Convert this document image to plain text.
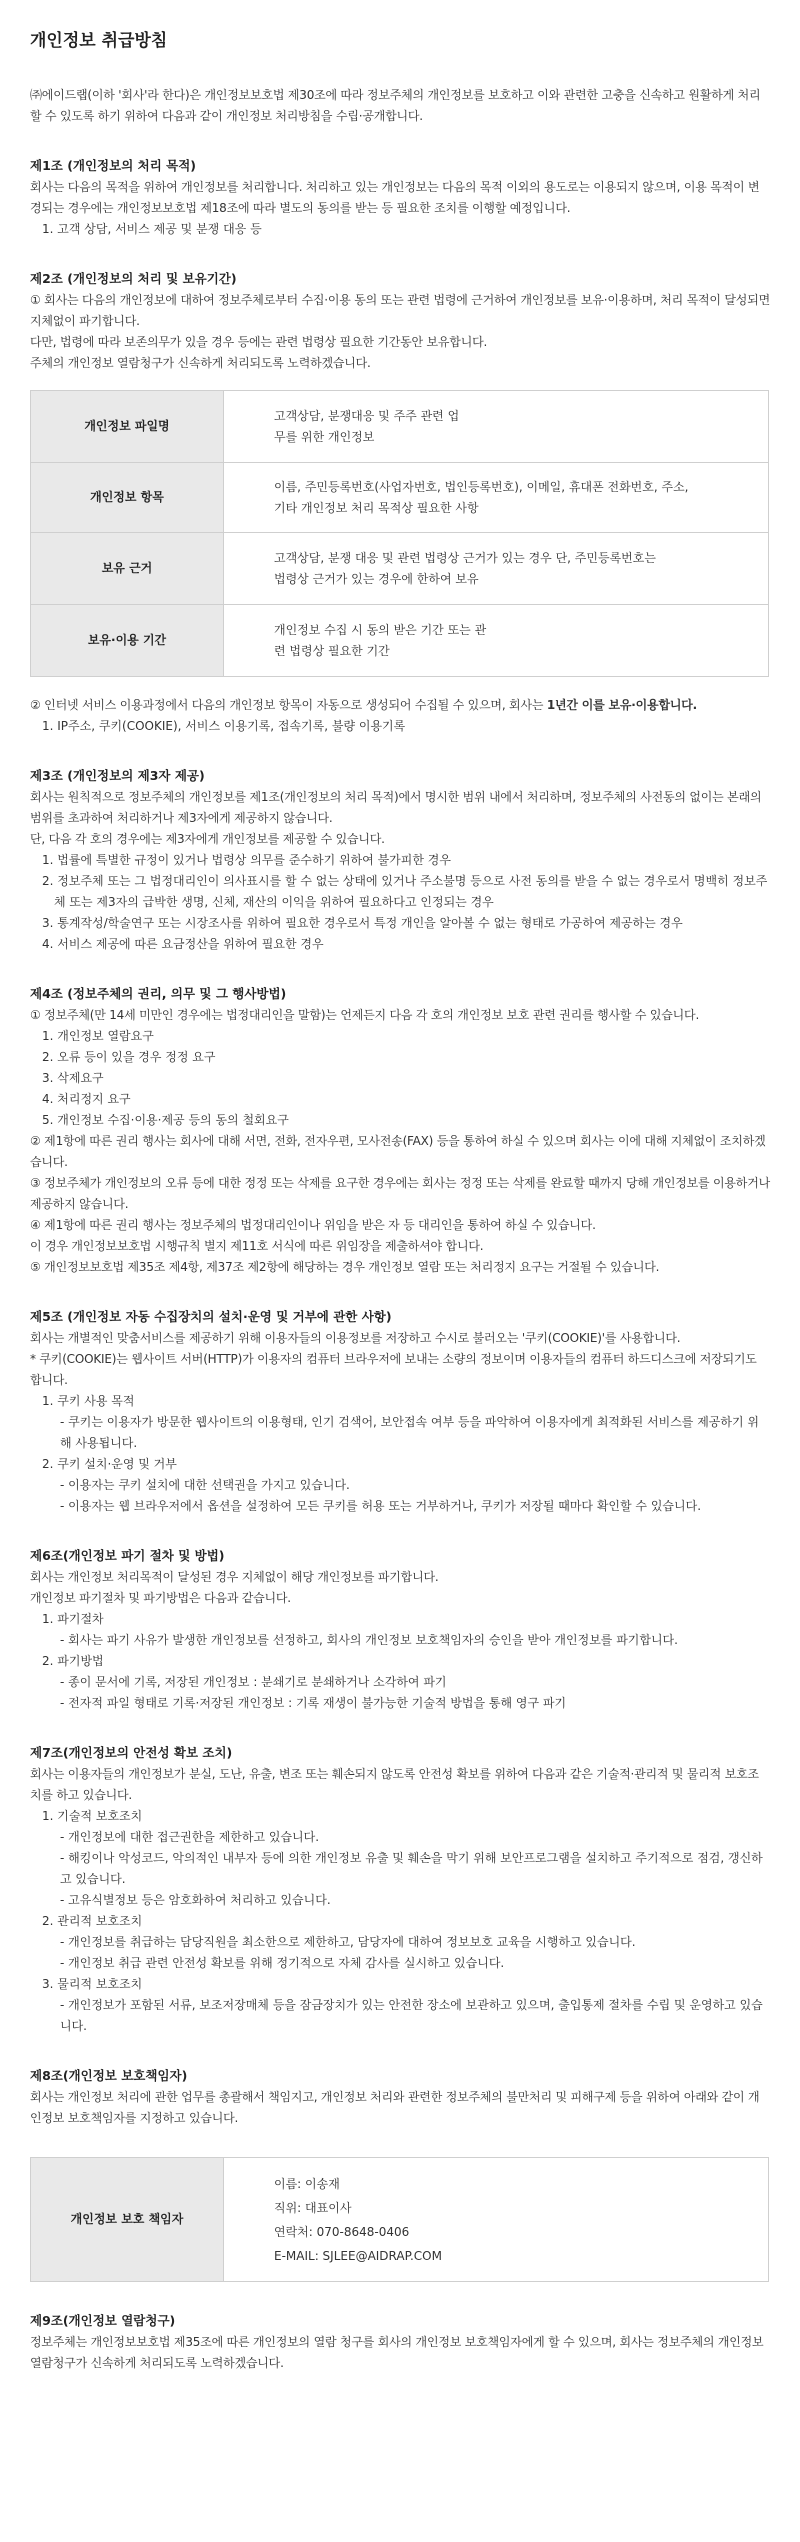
개인정보 취급방침

㈜에이드랩(이하 '회사'라 한다)은 개인정보보호법 제30조에 따라 정보주체의 개인정보를 보호하고 이와 관련한 고충을 신속하고 원활하게 처리할 수 있도록 하기 위하여 다음과 같이 개인정보 처리방침을 수립·공개합니다.

제1조 (개인정보의 처리 목적)

회사는 다음의 목적을 위하여 개인정보를 처리합니다. 처리하고 있는 개인정보는 다음의 목적 이외의 용도로는 이용되지 않으며, 이용 목적이 변경되는 경우에는 개인정보보호법 제18조에 따라 별도의 동의를 받는 등 필요한 조치를 이행할 예정입니다.

1. 고객 상담, 서비스 제공 및 분쟁 대응 등

제2조 (개인정보의 처리 및 보유기간)

① 회사는 다음의 개인정보에 대하여 정보주체로부터 수집·이용 동의 또는 관련 법령에 근거하여 개인정보를 보유·이용하며, 처리 목적이 달성되면 지체없이 파기합니다.

다만, 법령에 따라 보존의무가 있을 경우 등에는 관련 법령상 필요한 기간동안 보유합니다.

주체의 개인정보 열람청구가 신속하게 처리되도록 노력하겠습니다.

개인정보 파일명	고객상담, 분쟁대응 및 주주 관련 업
무를 위한 개인정보
개인정보 항목	이름, 주민등록번호(사업자번호, 법인등록번호), 이메일, 휴대폰 전화번호, 주소,
기타 개인정보 처리 목적상 필요한 사항
보유 근거	고객상담, 분쟁 대응 및 관련 법령상 근거가 있는 경우 단, 주민등록번호는
법령상 근거가 있는 경우에 한하여 보유
보유·이용 기간	개인정보 수집 시 동의 받은 기간 또는 관
련 법령상 필요한 기간

② 인터넷 서비스 이용과정에서 다음의 개인정보 항목이 자동으로 생성되어 수집될 수 있으며, 회사는 1년간 이를 보유·이용합니다.

1. IP주소, 쿠키(COOKIE), 서비스 이용기록, 접속기록, 불량 이용기록

제3조 (개인정보의 제3자 제공)

회사는 원칙적으로 정보주체의 개인정보를 제1조(개인정보의 처리 목적)에서 명시한 범위 내에서 처리하며, 정보주체의 사전동의 없이는 본래의 범위를 초과하여 처리하거나 제3자에게 제공하지 않습니다.

단, 다음 각 호의 경우에는 제3자에게 개인정보를 제공할 수 있습니다.

1. 법률에 특별한 규정이 있거나 법령상 의무를 준수하기 위하여 불가피한 경우
2. 정보주체 또는 그 법정대리인이 의사표시를 할 수 없는 상태에 있거나 주소불명 등으로 사전 동의를 받을 수 없는 경우로서 명백히 정보주체 또는 제3자의 급박한 생명, 신체, 재산의 이익을 위하여 필요하다고 인정되는 경우
3. 통계작성/학술연구 또는 시장조사를 위하여 필요한 경우로서 특정 개인을 알아볼 수 없는 형태로 가공하여 제공하는 경우
4. 서비스 제공에 따른 요금정산을 위하여 필요한 경우

제4조 (정보주체의 권리, 의무 및 그 행사방법)

① 정보주체(만 14세 미만인 경우에는 법정대리인을 말함)는 언제든지 다음 각 호의 개인정보 보호 관련 권리를 행사할 수 있습니다.

1. 개인정보 열람요구
2. 오류 등이 있을 경우 정정 요구
3. 삭제요구
4. 처리정지 요구
5. 개인정보 수집·이용·제공 등의 동의 철회요구

② 제1항에 따른 권리 행사는 회사에 대해 서면, 전화, 전자우편, 모사전송(FAX) 등을 통하여 하실 수 있으며 회사는 이에 대해 지체없이 조치하겠습니다.

③ 정보주체가 개인정보의 오류 등에 대한 정정 또는 삭제를 요구한 경우에는 회사는 정정 또는 삭제를 완료할 때까지 당해 개인정보를 이용하거나 제공하지 않습니다.

④ 제1항에 따른 권리 행사는 정보주체의 법정대리인이나 위임을 받은 자 등 대리인을 통하여 하실 수 있습니다.

이 경우 개인정보보호법 시행규칙 별지 제11호 서식에 따른 위임장을 제출하셔야 합니다.

⑤ 개인정보보호법 제35조 제4항, 제37조 제2항에 해당하는 경우 개인정보 열람 또는 처리정지 요구는 거절될 수 있습니다.

제5조 (개인정보 자동 수집장치의 설치·운영 및 거부에 관한 사항)

회사는 개별적인 맞춤서비스를 제공하기 위해 이용자들의 이용정보를 저장하고 수시로 불러오는 '쿠키(COOKIE)'를 사용합니다.

* 쿠키(COOKIE)는 웹사이트 서버(HTTP)가 이용자의 컴퓨터 브라우저에 보내는 소량의 정보이며 이용자들의 컴퓨터 하드디스크에 저장되기도 합니다.

1. 쿠키 사용 목적
- 쿠키는 이용자가 방문한 웹사이트의 이용형태, 인기 검색어, 보안접속 여부 등을 파악하여 이용자에게 최적화된 서비스를 제공하기 위해 사용됩니다.
2. 쿠키 설치·운영 및 거부
- 이용자는 쿠키 설치에 대한 선택권을 가지고 있습니다.
- 이용자는 웹 브라우저에서 옵션을 설정하여 모든 쿠키를 허용 또는 거부하거나, 쿠키가 저장될 때마다 확인할 수 있습니다.

제6조(개인정보 파기 절차 및 방법)

회사는 개인정보 처리목적이 달성된 경우 지체없이 해당 개인정보를 파기합니다.

개인정보 파기절차 및 파기방법은 다음과 같습니다.

1. 파기절차
- 회사는 파기 사유가 발생한 개인정보를 선정하고, 회사의 개인정보 보호책임자의 승인을 받아 개인정보를 파기합니다.
2. 파기방법
- 종이 문서에 기록, 저장된 개인정보 : 분쇄기로 분쇄하거나 소각하여 파기
- 전자적 파일 형태로 기록·저장된 개인정보 : 기록 재생이 불가능한 기술적 방법을 통해 영구 파기

제7조(개인정보의 안전성 확보 조치)

회사는 이용자들의 개인정보가 분실, 도난, 유출, 변조 또는 훼손되지 않도록 안전성 확보를 위하여 다음과 같은 기술적·관리적 및 물리적 보호조치를 하고 있습니다.

1. 기술적 보호조치
- 개인정보에 대한 접근권한을 제한하고 있습니다.
- 해킹이나 악성코드, 악의적인 내부자 등에 의한 개인정보 유출 및 훼손을 막기 위해 보안프로그램을 설치하고 주기적으로 점검, 갱신하고 있습니다.
- 고유식별정보 등은 암호화하여 처리하고 있습니다.
2. 관리적 보호조치
- 개인정보를 취급하는 담당직원을 최소한으로 제한하고, 담당자에 대하여 정보보호 교육을 시행하고 있습니다.
- 개인정보 취급 관련 안전성 확보를 위해 정기적으로 자체 감사를 실시하고 있습니다.
3. 물리적 보호조치
- 개인정보가 포함된 서류, 보조저장매체 등을 잠금장치가 있는 안전한 장소에 보관하고 있으며, 출입통제 절차를 수립 및 운영하고 있습니다.

제8조(개인정보 보호책임자)

회사는 개인정보 처리에 관한 업무를 총괄해서 책임지고, 개인정보 처리와 관련한 정보주체의 불만처리 및 피해구제 등을 위하여 아래와 같이 개인정보 보호책임자를 지정하고 있습니다.

개인정보 보호 책임자	이름: 이송재
직위: 대표이사
연락처: 070-8648-0406
E-MAIL: SJLEE@AIDRAP.COM

제9조(개인정보 열람청구)

정보주체는 개인정보보호법 제35조에 따른 개인정보의 열람 청구를 회사의 개인정보 보호책임자에게 할 수 있으며, 회사는 정보주체의 개인정보 열람청구가 신속하게 처리되도록 노력하겠습니다.
